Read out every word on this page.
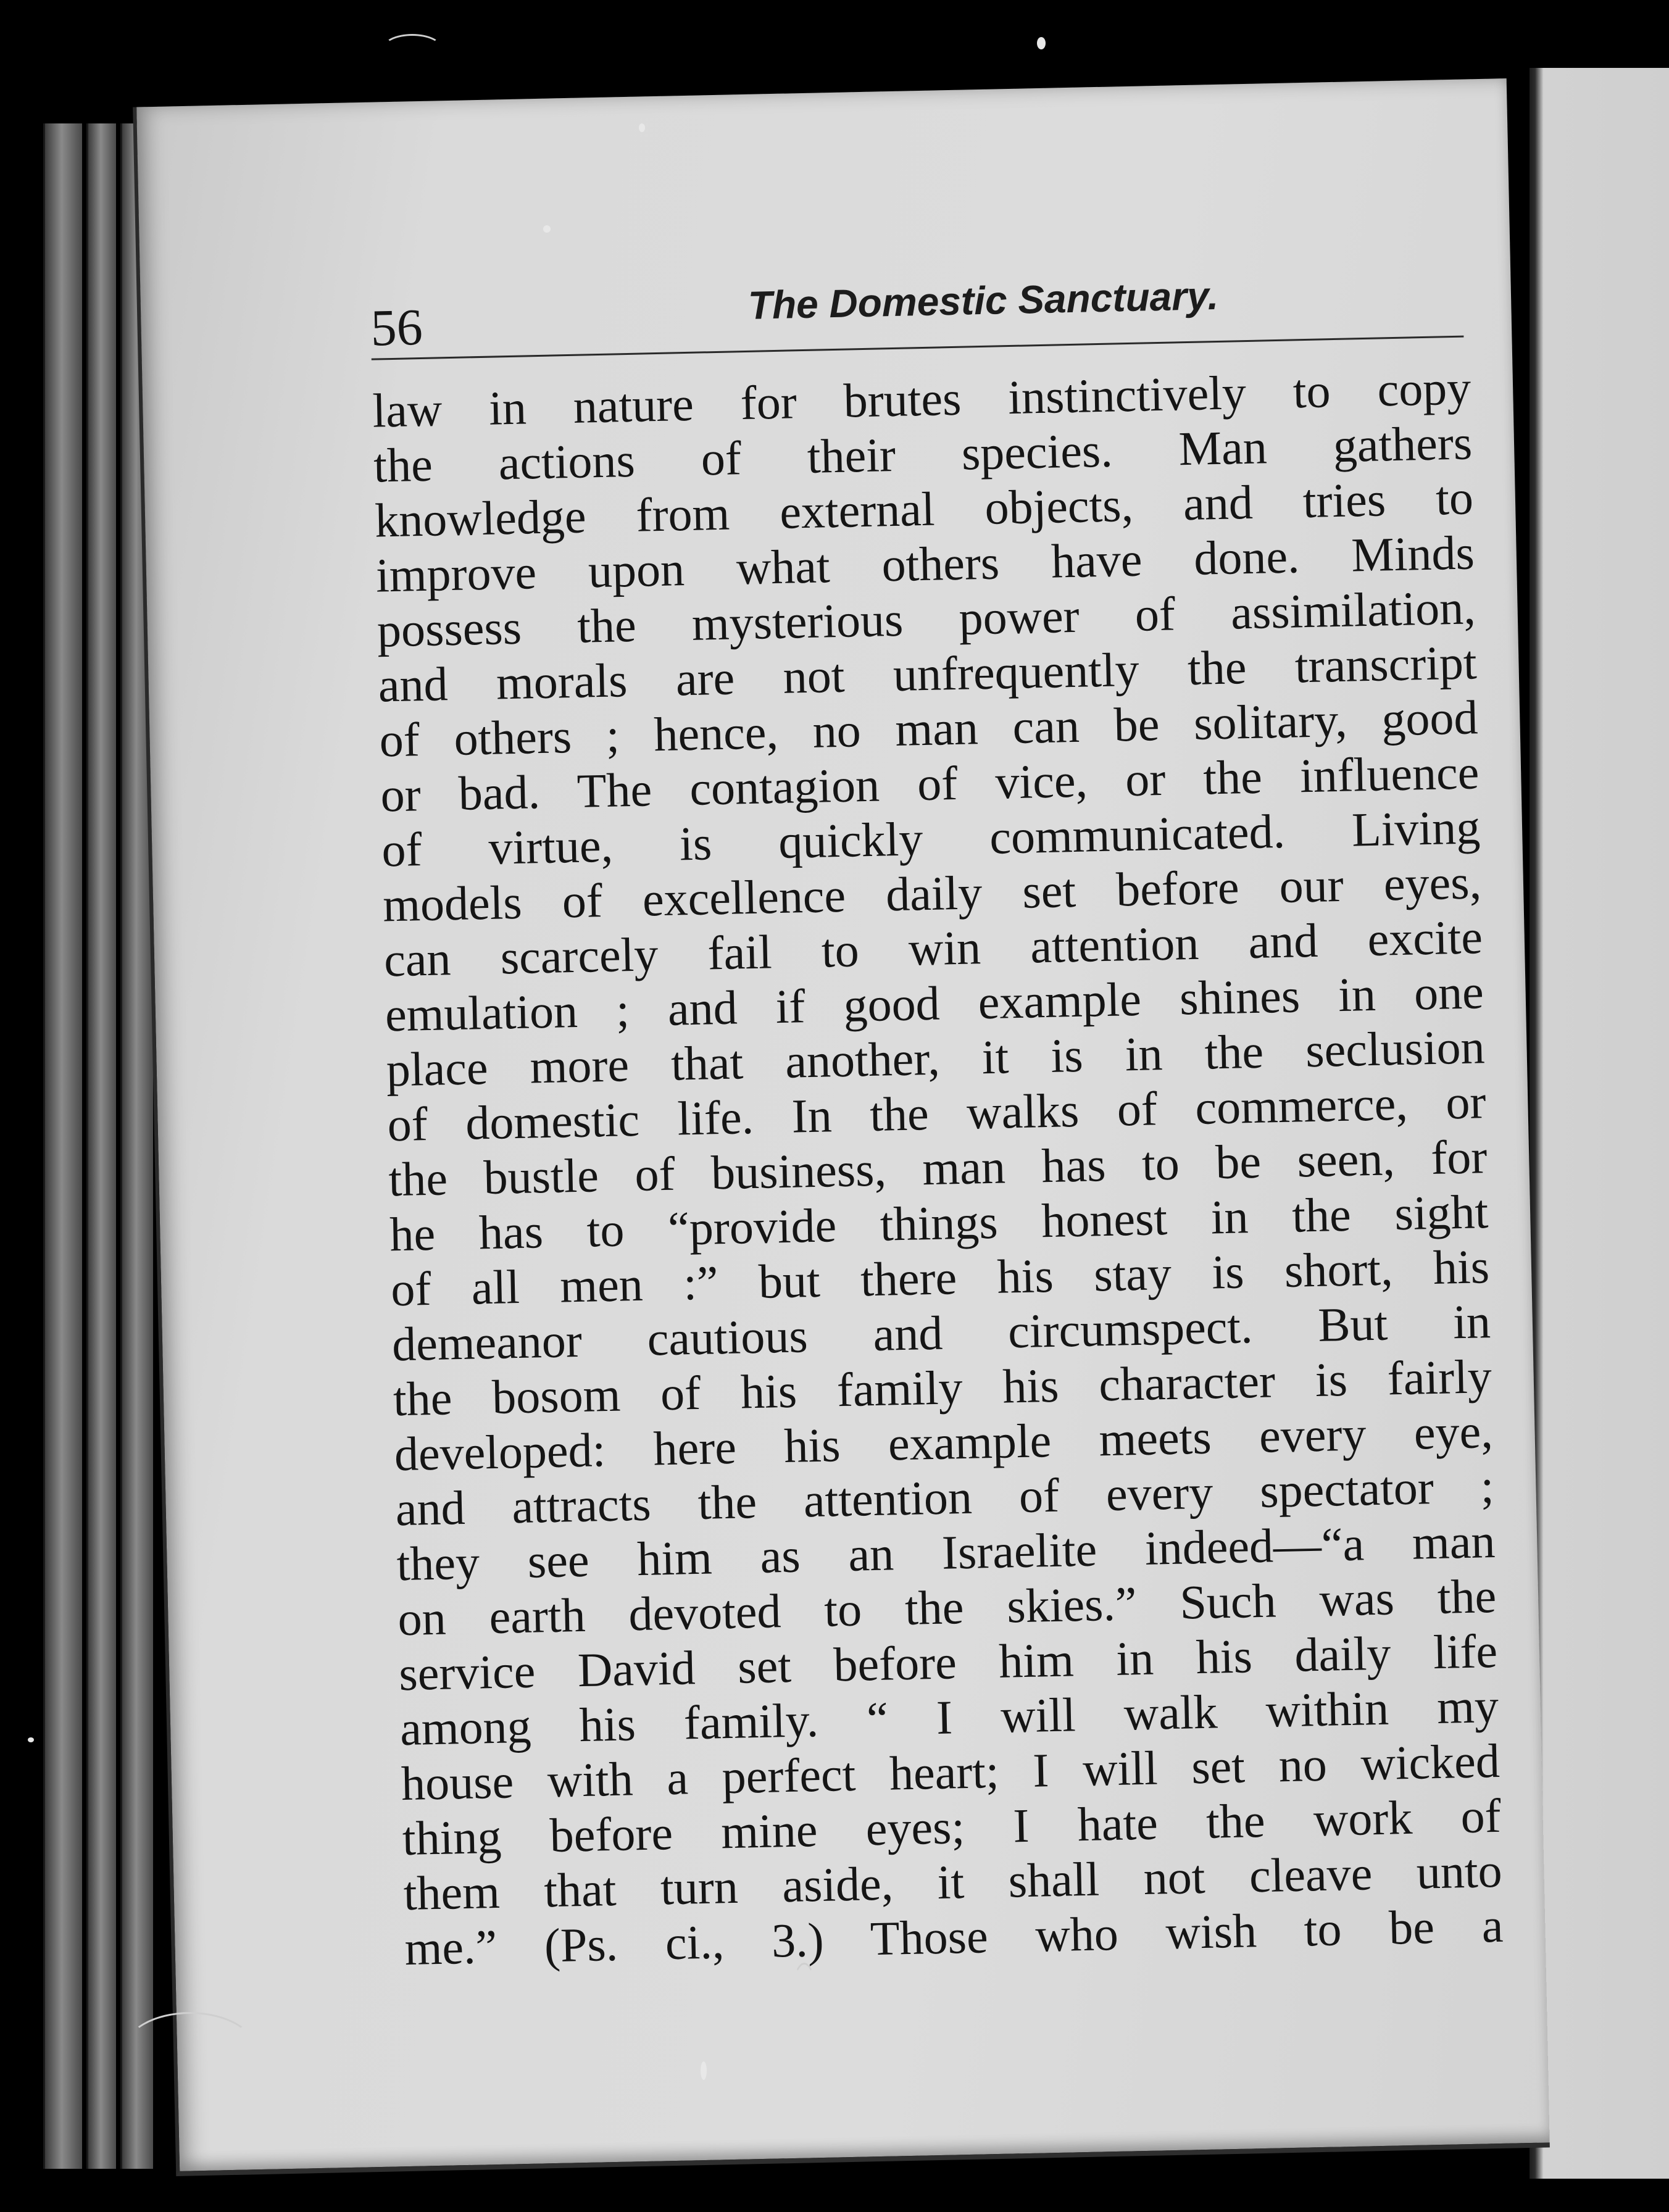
56	The Domestic Sanctuary.
law in nature for brutes instinctively to copy
the actions of their species. Man gathers
knowledge from external objects, and tries to
improve upon what others have done. Minds
possess the mysterious power of assimilation,
and morals are not unfrequently the transcript
of others ; hence, no man can be solitary, good
or bad. The contagion of vice, or the influence
of virtue, is quickly communicated. Living
models of excellence daily set before our eyes,
can scarcely fail to win attention and excite
emulation ; and if good example shines in one
place more that another, it is in the seclusion
of domestic life. In the walks of commerce, or
the bustle of business, man has to be seen, for
he has to “provide things honest in the sight
of all men :” but there his stay is short, his
demeanor cautious and circumspect. But in
the bosom of his family his character is fairly
developed: here his example meets every eye,
and attracts the attention of every spectator ;
they see him as an Israelite indeed—“a man
on earth devoted to the skies.” Such was the
service David set before him in his daily life
among his family. “ I will walk within my
house with a perfect heart; I will set no wicked
thing before mine eyes; I hate the work of
them that turn aside, it shall not cleave unto
me.” (Ps. ci., 3.) Those who wish to be a
